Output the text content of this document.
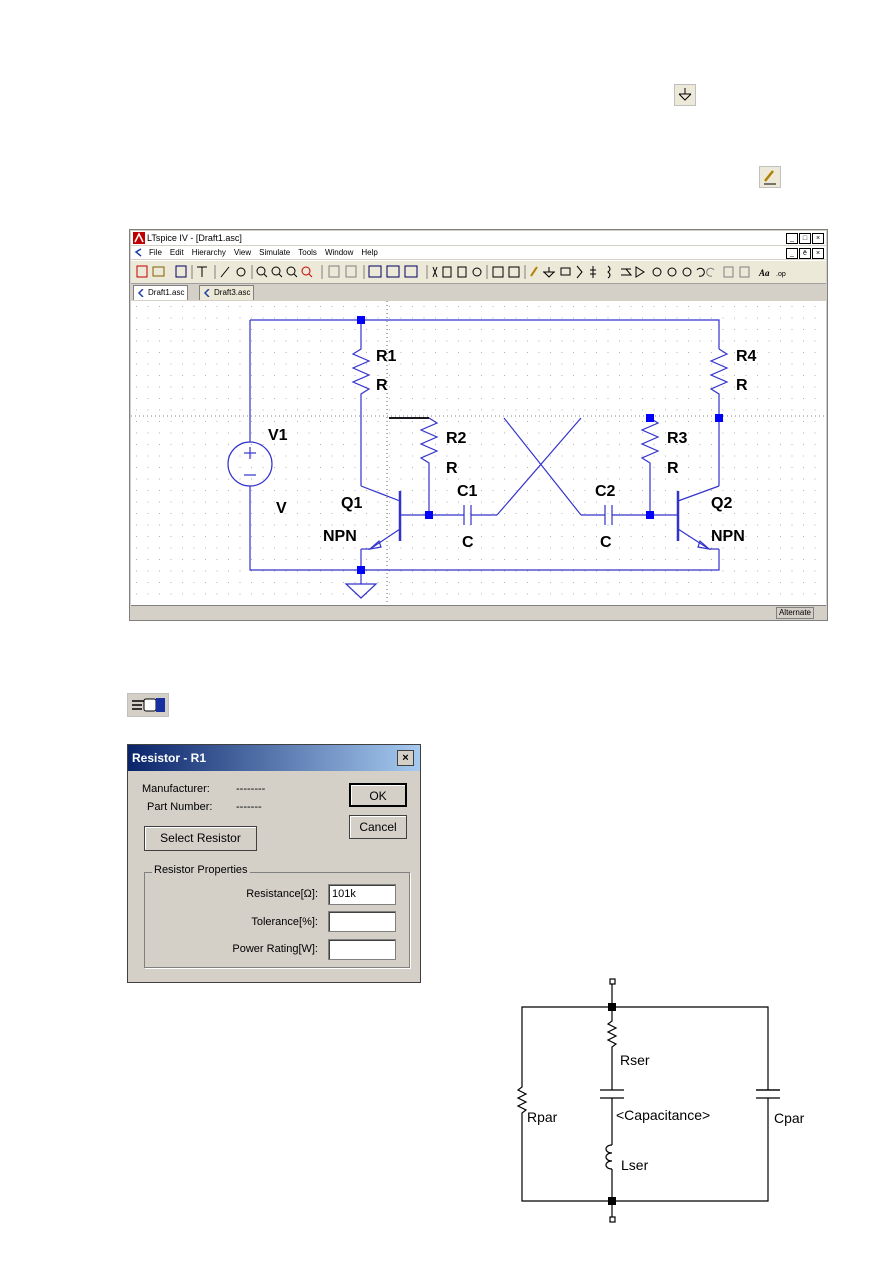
LTspice IV - [Draft1.asc]	_	□	×
File Edit Hierarchy View Simulate Tools Window Help	_	ē	×
Aa .op
Draft1.asc	Draft3.asc
R1
R
R2
R
R3
R
R4
R
V1
V	Q1
NPN
Q2
NPN
C1
C
C2
C
Alternate
Resistor - R1	×
Manufacturer: --------
Part Number: -------
OK
Cancel
Select Resistor
Resistor Properties
Resistance[Ω]:	101k
Tolerance[%]:
Power Rating[W]:
Rser
<Capacitance>
Lser
Rpar	Cpar
